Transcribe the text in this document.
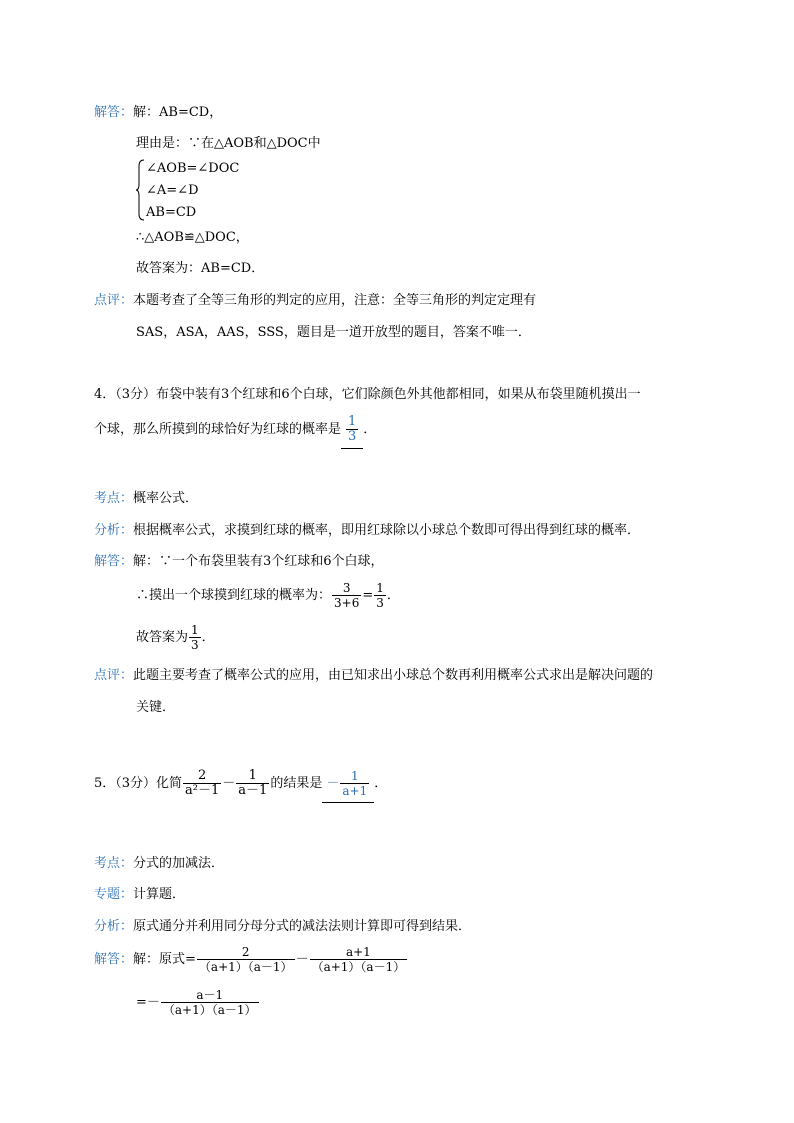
解答：解：AB=CD，
理由是：∵在△AOB和△DOC中
∠AOB=∠DOC
∠A=∠D
AB=CD
∴△AOB≌△DOC，
故答案为：AB=CD．
点评：本题考查了全等三角形的判定的应用，注意：全等三角形的判定定理有
SAS，ASA，AAS，SSS，题目是一道开放型的题目，答案不唯一．
4．（3分）布袋中装有3个红球和6个白球，它们除颜色外其他都相同，如果从布袋里随机摸出一
个球，那么所摸到的球恰好为红球的概率是 $\frac{1}{3}$ ．
考点：概率公式．
分析：根据概率公式，求摸到红球的概率，即用红球除以小球总个数即可得出得到红球的概率．
解答：解：∵一个布袋里装有3个红球和6个白球，
∴摸出一个球摸到红球的概率为： $\frac{3}{3+6} = \frac{1}{3}$ ．
故答案为 $\frac{1}{3}$ ．
点评：此题主要考查了概率公式的应用，由已知求出小球总个数再利用概率公式求出是解决问题的
关键．
5．（3分）化简 $\frac{2}{\text{a²－1}} - \frac{1}{a-1}$ 的结果是 － $\frac{1}{a+1}$ ．
考点：分式的加减法．
专题：计算题．
分析：原式通分并利用同分母分式的减法法则计算即可得到结果．
解答：解：原式= $\frac{2}{(a+1)(a-1)} - \frac{a+1}{(a+1)(a-1)}$
=－ $\frac{a-1}{(a+1)(a-1)}$
